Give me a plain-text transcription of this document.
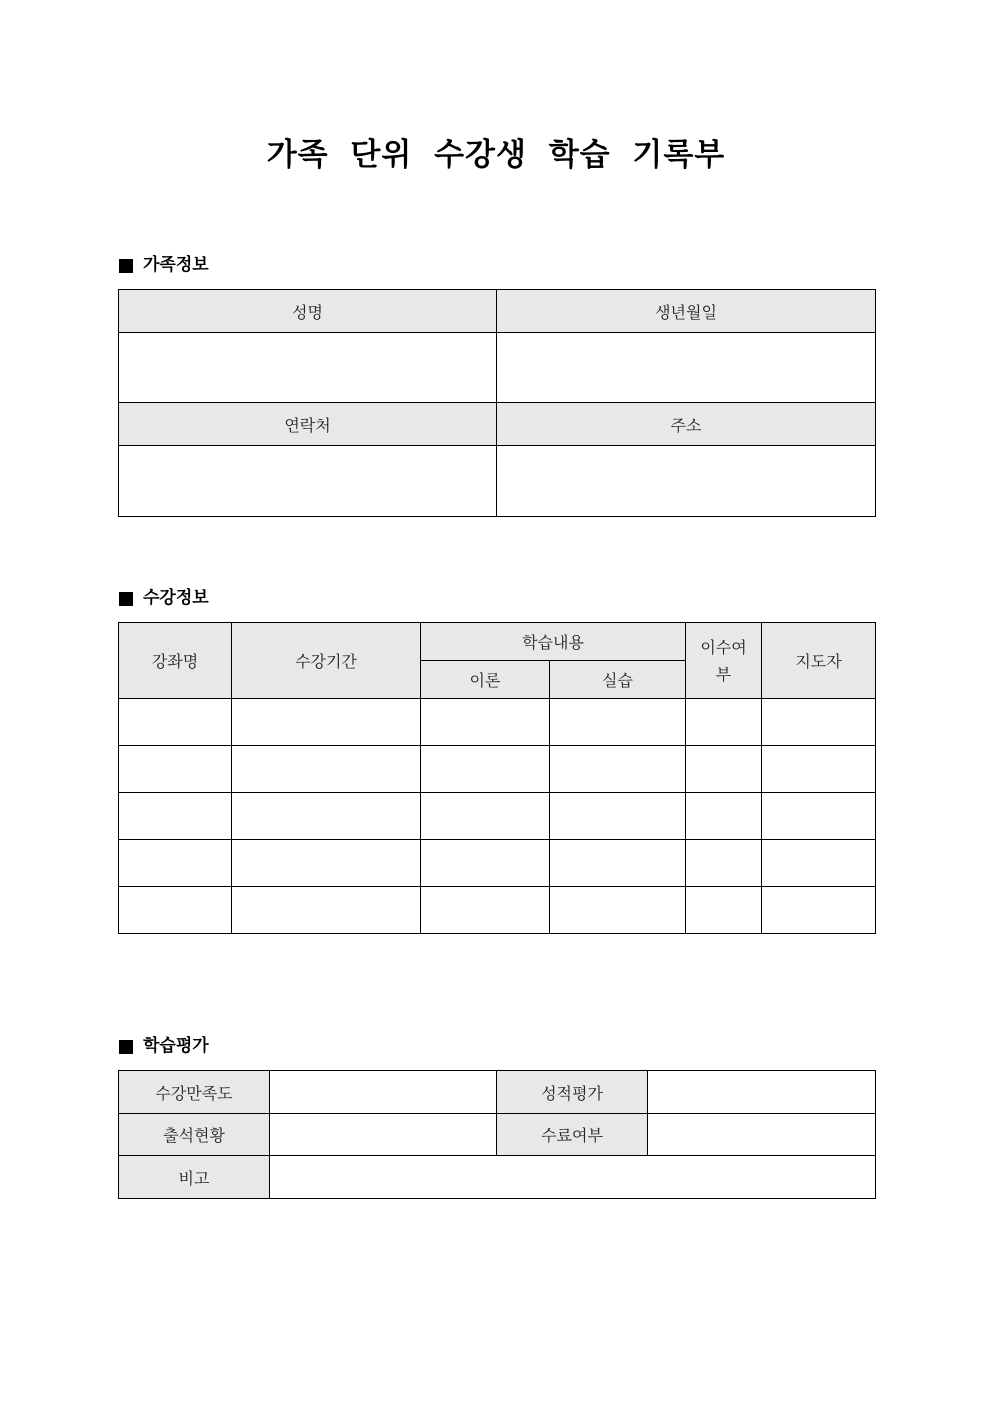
가족 단위 수강생 학습 기록부
가족정보
성명	생년월일

연락처	주소

수강정보
강좌명	수강기간	학습내용		이수여부	지도자
		이론	실습		

학습평가
수강만족도		성적평가	
출석현황		수료여부	
비고			
